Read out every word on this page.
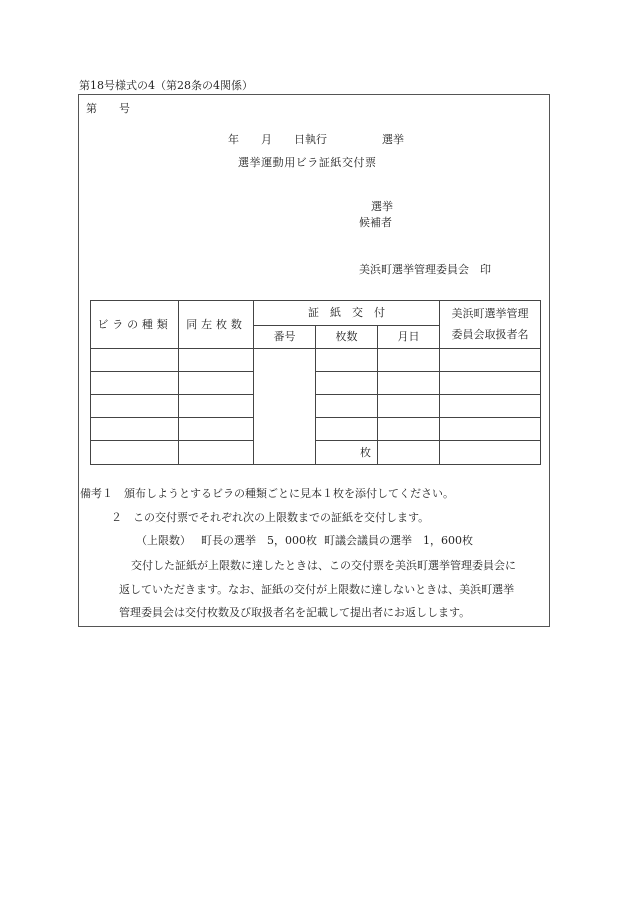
第18号様式の4（第28条の4関係）
第　　号
年　　月　　日執行　　　　　選挙
選挙運動用ビラ証紙交付票
選挙
候補者
美浜町選挙管理委員会　印
ビラの種類	同左枚数	証　紙　交　付			美浜町選挙管理
委員会取扱者名
		番号	枚数	月日	

			枚		
備考１　頒布しようとするビラの種類ごとに見本１枚を添付してください。
２　この交付票でそれぞれ次の上限数までの証紙を交付します。
（上限数） 町長の選挙　5，000枚 町議会議員の選挙　1，600枚
交付した証紙が上限数に達したときは、この交付票を美浜町選挙管理委員会に
返していただきます。なお、証紙の交付が上限数に達しないときは、美浜町選挙
管理委員会は交付枚数及び取扱者名を記載して提出者にお返しします。
